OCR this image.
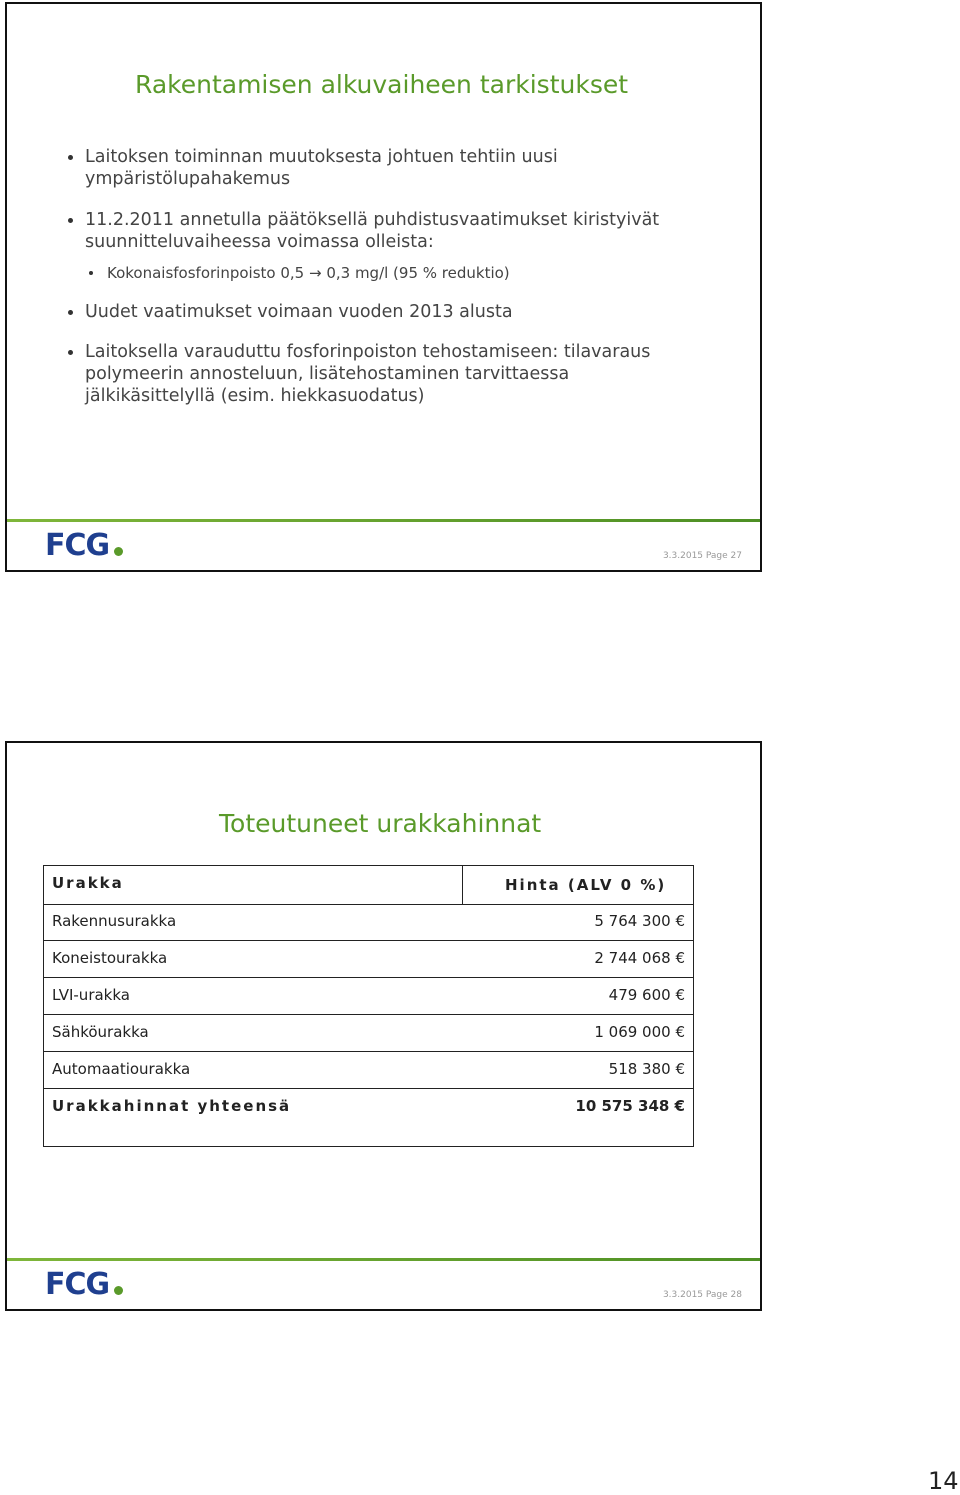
Rakentamisen alkuvaiheen tarkistukset
Laitoksen toiminnan muutoksesta johtuen tehtiin uusi
ympäristölupahakemus
11.2.2011 annetulla päätöksellä puhdistusvaatimukset kiristyivät
suunnitteluvaiheessa voimassa olleista:
Kokonaisfosforinpoisto 0,5 → 0,3 mg/l (95 % reduktio)
Uudet vaatimukset voimaan vuoden 2013 alusta
Laitoksella varauduttu fosforinpoiston tehostamiseen: tilavaraus
polymeerin annosteluun, lisätehostaminen tarvittaessa
jälkikäsittelyllä (esim. hiekkasuodatus)
FCG	3.3.2015 Page 27
Toteutuneet urakkahinnat
Urakka	Hinta (ALV 0 %)
Rakennusurakka	5 764 300 €
Koneistourakka	2 744 068 €
LVI-urakka	479 600 €
Sähköurakka	1 069 000 €
Automaatiourakka	518 380 €
Urakkahinnat yhteensä	10 575 348 €
FCG	3.3.2015 Page 28
14
